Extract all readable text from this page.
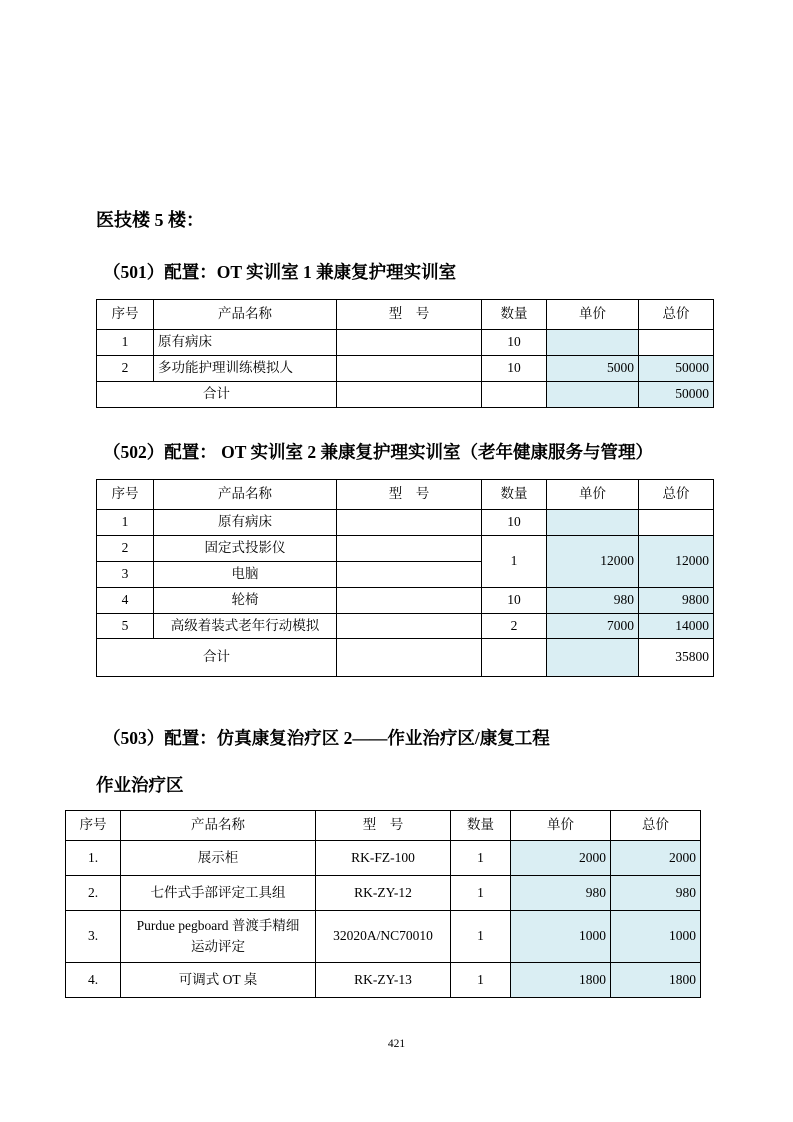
医技楼 5 楼：
（501）配置：OT 实训室 1 兼康复护理实训室
序号	产品名称	型　号	数量	单价	总价
1	原有病床		10		
2	多功能护理训练模拟人		10	5000	50000
合计					50000
（502）配置： OT 实训室 2 兼康复护理实训室（老年健康服务与管理）
序号	产品名称	型　号	数量	单价	总价
1	原有病床		10		
2	固定式投影仪		1	12000	12000
3	电脑				
4	轮椅		10	980	9800
5	高级着装式老年行动模拟		2	7000	14000
合计					35800
（503）配置：仿真康复治疗区 2——作业治疗区/康复工程
作业治疗区
序号	产品名称	型　号	数量	单价	总价
1.	展示柜	RK-FZ-100	1	2000	2000
2.	七件式手部评定工具组	RK-ZY-12	1	980	980
3.	Purdue pegboard 普渡手精细运动评定	32020A/NC70010	1	1000	1000
4.	可调式 OT 桌	RK-ZY-13	1	1800	1800
421
